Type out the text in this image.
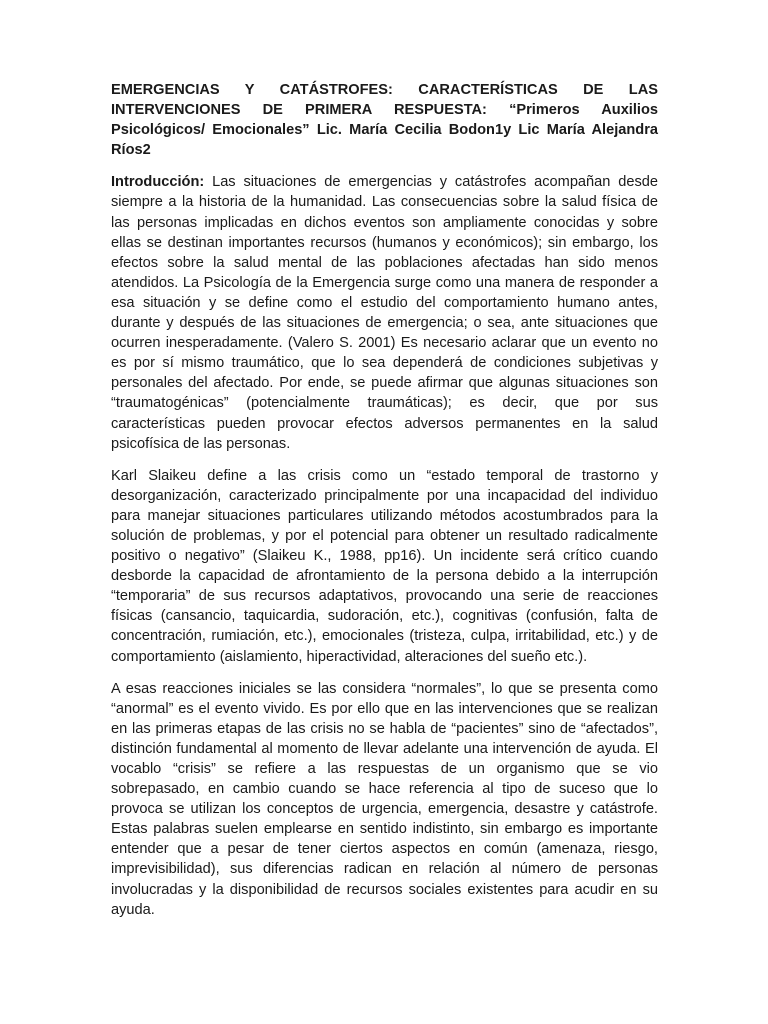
EMERGENCIAS Y CATÁSTROFES: CARACTERÍSTICAS DE LAS INTERVENCIONES DE PRIMERA RESPUESTA: “Primeros Auxilios Psicológicos/ Emocionales” Lic. María Cecilia Bodon1y Lic María Alejandra Ríos2

Introducción: Las situaciones de emergencias y catástrofes acompañan desde siempre a la historia de la humanidad. Las consecuencias sobre la salud física de las personas implicadas en dichos eventos son ampliamente conocidas y sobre ellas se destinan importantes recursos (humanos y económicos); sin embargo, los efectos sobre la salud mental de las poblaciones afectadas han sido menos atendidos. La Psicología de la Emergencia surge como una manera de responder a esa situación y se define como el estudio del comportamiento humano antes, durante y después de las situaciones de emergencia; o sea, ante situaciones que ocurren inesperadamente. (Valero S. 2001) Es necesario aclarar que un evento no es por sí mismo traumático, que lo sea dependerá de condiciones subjetivas y personales del afectado. Por ende, se puede afirmar que algunas situaciones son “traumatogénicas” (potencialmente traumáticas); es decir, que por sus características pueden provocar efectos adversos permanentes en la salud psicofísica de las personas.

Karl Slaikeu define a las crisis como un “estado temporal de trastorno y desorganización, caracterizado principalmente por una incapacidad del individuo para manejar situaciones particulares utilizando métodos acostumbrados para la solución de problemas, y por el potencial para obtener un resultado radicalmente positivo o negativo” (Slaikeu K., 1988, pp16). Un incidente será crítico cuando desborde la capacidad de afrontamiento de la persona debido a la interrupción “temporaria” de sus recursos adaptativos, provocando una serie de reacciones físicas (cansancio, taquicardia, sudoración, etc.), cognitivas (confusión, falta de concentración, rumiación, etc.), emocionales (tristeza, culpa, irritabilidad, etc.) y de comportamiento (aislamiento, hiperactividad, alteraciones del sueño etc.).

A esas reacciones iniciales se las considera “normales”, lo que se presenta como “anormal” es el evento vivido. Es por ello que en las intervenciones que se realizan en las primeras etapas de las crisis no se habla de “pacientes” sino de “afectados”, distinción fundamental al momento de llevar adelante una intervención de ayuda. El vocablo “crisis” se refiere a las respuestas de un organismo que se vio sobrepasado, en cambio cuando se hace referencia al tipo de suceso que lo provoca se utilizan los conceptos de urgencia, emergencia, desastre y catástrofe. Estas palabras suelen emplearse en sentido indistinto, sin embargo es importante entender que a pesar de tener ciertos aspectos en común (amenaza, riesgo, imprevisibilidad), sus diferencias radican en relación al número de personas involucradas y la disponibilidad de recursos sociales existentes para acudir en su ayuda.
